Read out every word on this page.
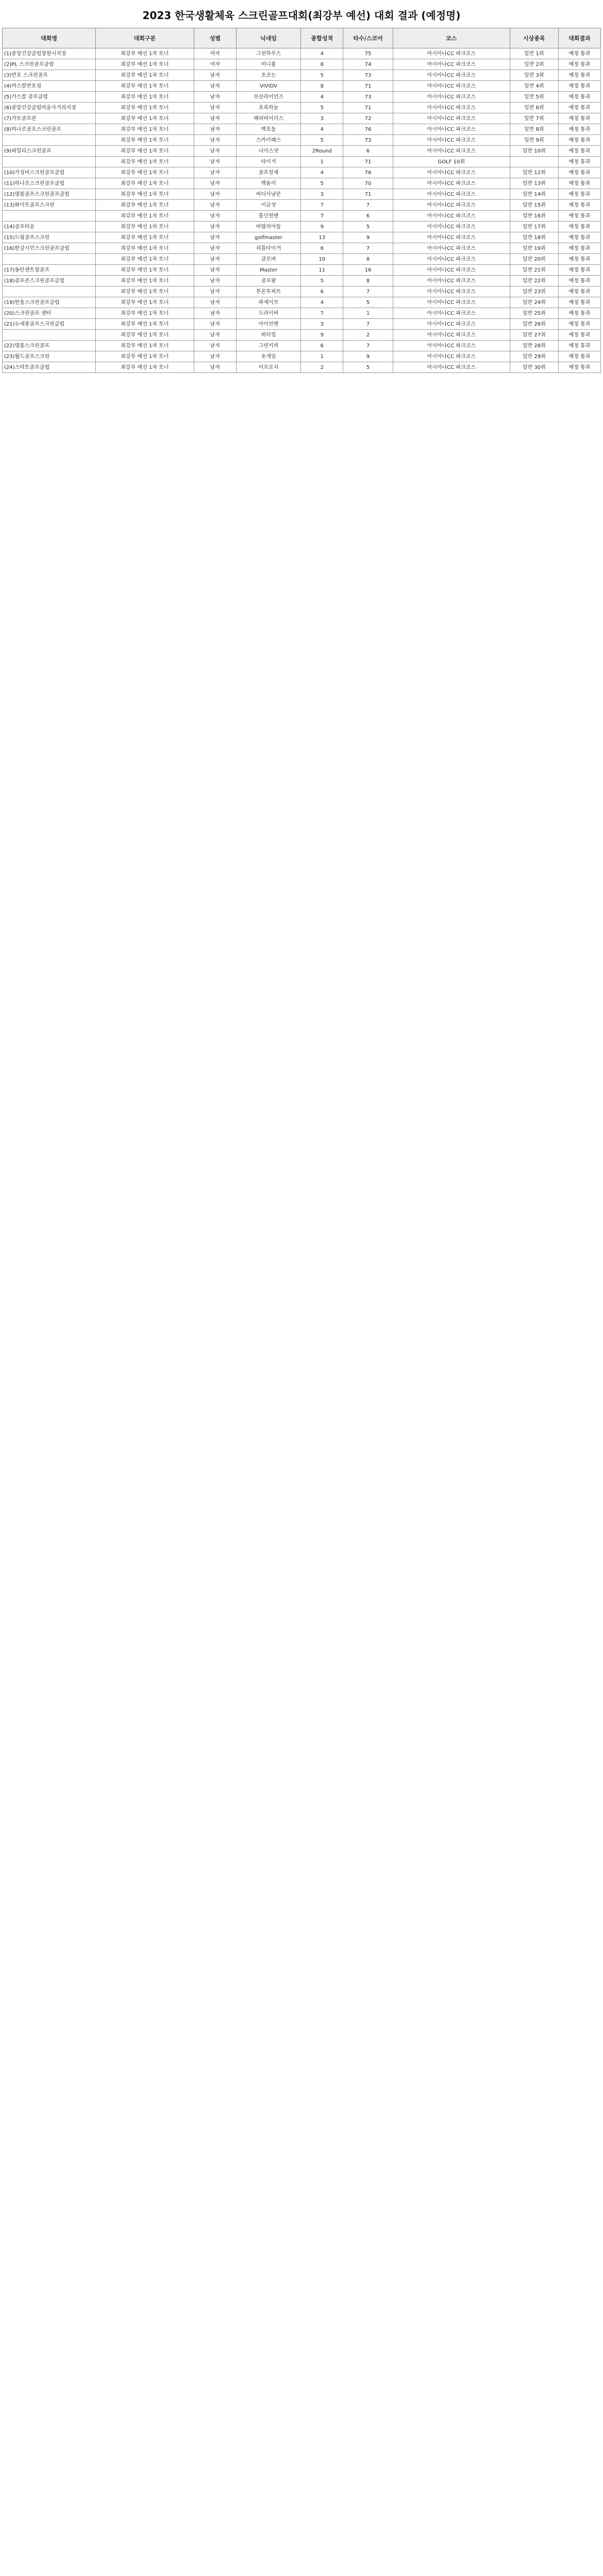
2023 한국생활체육 스크린골프대회(최강부 예선) 대회 결과 (예정명)
대회명	대회구분	성별	닉네임	종합성적	타수/스코어	코스	시상종목	대회결과
(1)중앙건강클럽창원시지점	최강부 예선 1차 토너	여자	그린하우스	4	75	아시아나CC 파크코스	일반 1위	예정 통과
(2)PL 스크린골프클럽	최강부 예선 1차 토너	여자	미니볼	6	74	아시아나CC 파크코스	일반 2위	예정 통과
(3)반포 스크린골프	최강부 예선 1차 토너	남자	초코는	5	73	아시아나CC 파크코스	일반 3위	예정 통과
(4)까스칼반포점	최강부 예선 1차 토너	남자	VIVIDV	8	71	아시아나CC 파크코스	일반 4위	예정 통과
(5)가스칼 골프클럽	최강부 예선 1차 토너	남자	부산라이언즈	4	73	아시아나CC 파크코스	일반 5위	예정 통과
(6)중앙건강클럽마을사거리지점	최강부 예선 1차 토너	남자	초록하늘	5	71	아시아나CC 파크코스	일반 6위	예정 통과
(7)가또골프관	최강부 예선 1차 토너	남자	해피바이러스	3	72	아시아나CC 파크코스	일반 7위	예정 통과
(8)하나로골프스크린골프	최강부 예선 1차 토너	남자	백호들	4	76	아시아나CC 파크코스	일반 8위	예정 통과
	최강부 예선 1차 토너	남자	스카이패스	5	73	아시아나CC 파크코스	일반 9위	예정 통과
(9)파밀리스크린골프	최강부 예선 1차 토너	남자	나이스샷	2Round	6	아시아나CC 파크코스	일반 10위	예정 통과
	최강부 예선 1차 토너	남자	타이거	1	71	GOLF 10위		예정 통과
(10)가성비스크린골프클럽	최강부 예선 1차 토너	남자	골프천재	4	76	아시아나CC 파크코스	일반 12위	예정 통과
(11)하나로스크린골프클럽	최강부 예선 1차 토너	남자	백돌이	5	70	아시아나CC 파크코스	일반 13위	예정 통과
(12)명품골프스크린골프클럽	최강부 예선 1차 토너	남자	버디사냥꾼	3	71	아시아나CC 파크코스	일반 14위	예정 통과
(13)화이트골프스크린	최강부 예선 1차 토너	남자	이글샷	7	7	아시아나CC 파크코스	일반 15위	예정 통과
	최강부 예선 1차 토너	남자	홀인원맨	7	6	아시아나CC 파크코스	일반 16위	예정 통과
(14)골프타운	최강부 예선 1차 토너	남자	바람의아들	9	5	아시아나CC 파크코스	일반 17위	예정 통과
(15)드림골프스크린	최강부 예선 1차 토너	남자	golfmaster	13	9	아시아나CC 파크코스	일반 18위	예정 통과
(16)한강시민스크린골프클럽	최강부 예선 1차 토너	남자	리틀타이거	6	7	아시아나CC 파크코스	일반 19위	예정 통과
	최강부 예선 1차 토너	남자	클로버	10	8	아시아나CC 파크코스	일반 20위	예정 통과
(17)동탄센트럴골프	최강부 예선 1차 토너	남자	Master	11	16	아시아나CC 파크코스	일반 21위	예정 통과
(18)골프존스크린골프클럽	최강부 예선 1차 토너	남자	골프왕	5	8	아시아나CC 파크코스	일반 22위	예정 통과
	최강부 예선 1차 토너	남자	투온투퍼트	6	7	아시아나CC 파크코스	일반 23위	예정 통과
(19)한울스크린골프클럽	최강부 예선 1차 토너	남자	파세이브	4	5	아시아나CC 파크코스	일반 24위	예정 통과
(20)스크린골프 센터	최강부 예선 1차 토너	남자	드라이버	7	1	아시아나CC 파크코스	일반 25위	예정 통과
(21)뉴세종골프스크린클럽	최강부 예선 1차 토너	남자	아이언맨	3	7	아시아나CC 파크코스	일반 26위	예정 통과
	최강부 예선 1차 토너	남자	퍼터킹	9	2	아시아나CC 파크코스	일반 27위	예정 통과
(22)명품스크린골프	최강부 예선 1차 토너	남자	그린키퍼	6	7	아시아나CC 파크코스	일반 28위	예정 통과
(23)월드골프스크린	최강부 예선 1차 토너	남자	숏게임	1	9	아시아나CC 파크코스	일반 29위	예정 통과
(24)스마트골프클럽	최강부 예선 1차 토너	남자	어프로치	2	5	아시아나CC 파크코스	일반 30위	예정 통과
